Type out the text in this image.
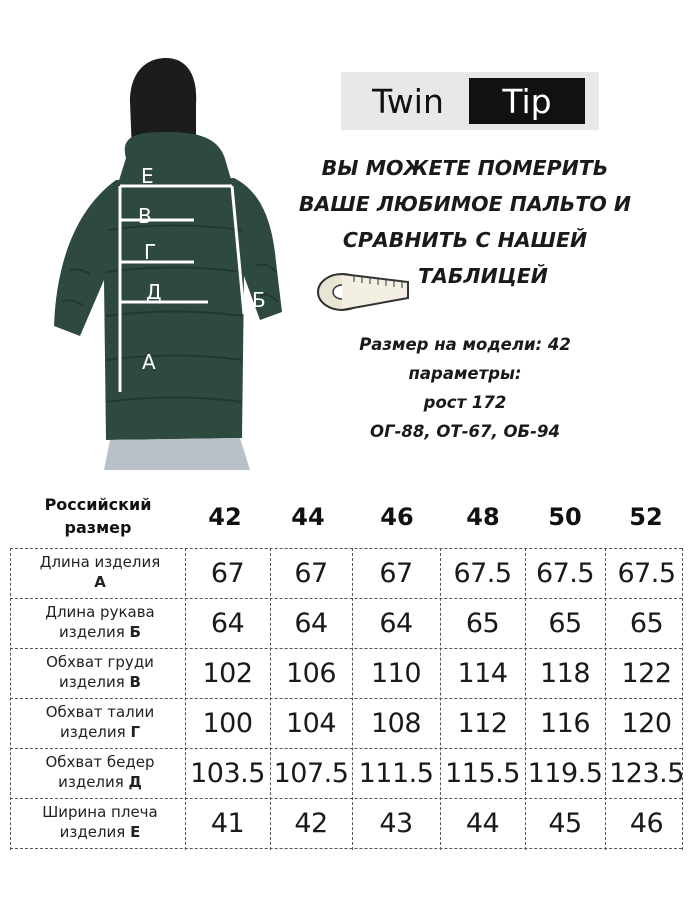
Е
В
Г
Д	Б
А
Twin	Tip
ВЫ МОЖЕТЕ ПОМЕРИТЬ
ВАШЕ ЛЮБИМОЕ ПАЛЬТО И
СРАВНИТЬ С НАШЕЙ
ТАБЛИЦЕЙ
Размер на модели: 42
параметры:
рост 172
ОГ-88, ОТ-67, ОБ-94
Российский
размер	42	44	46	48	50	52
Длина изделия
А	67	67	67	67.5 67.5 67.5
Длина рукава
изделия Б	64	64	64	65	65	65
Обхват груди
изделия В	102	106	110	114	118	122
Обхват талии
изделия Г	100	104	108	112	116	120
Обхват бедер
изделия Д	103.5 107.5 111.5 115.5 119.5 123.5
Ширина плеча
изделия Е	41	42	43	44	45	46
